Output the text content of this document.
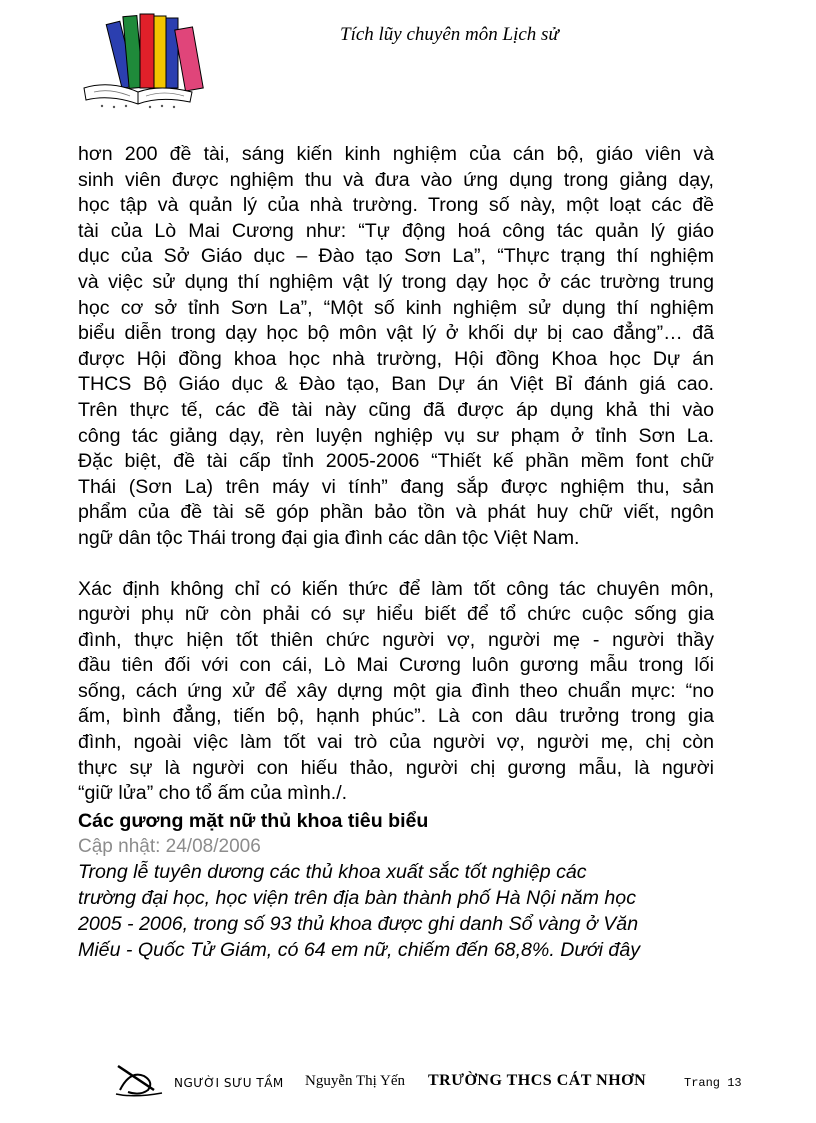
Tích lũy chuyên môn Lịch sử

hơn 200 đề tài, sáng kiến kinh nghiệm của cán bộ, giáo viên và

sinh viên được nghiệm thu và đưa vào ứng dụng trong giảng dạy,

học tập và quản lý của nhà trường. Trong số này, một loạt các đề

tài của Lò Mai Cương như: “Tự động hoá công tác quản lý giáo

dục của Sở Giáo dục – Đào tạo Sơn La”, “Thực trạng thí nghiệm

và việc sử dụng thí nghiệm vật lý trong dạy học ở các trường trung

học cơ sở tỉnh Sơn La”, “Một số kinh nghiệm sử dụng thí nghiệm

biểu diễn trong dạy học bộ môn vật lý ở khối dự bị cao đẳng”… đã

được Hội đồng khoa học nhà trường, Hội đồng Khoa học Dự án

THCS Bộ Giáo dục & Đào tạo, Ban Dự án Việt Bỉ đánh giá cao.

Trên thực tế, các đề tài này cũng đã được áp dụng khả thi vào

công tác giảng dạy, rèn luyện nghiệp vụ sư phạm ở tỉnh Sơn La.

Đặc biệt, đề tài cấp tỉnh 2005-2006 “Thiết kế phần mềm font chữ

Thái (Sơn La) trên máy vi tính” đang sắp được nghiệm thu, sản

phẩm của đề tài sẽ góp phần bảo tồn và phát huy chữ viết, ngôn

ngữ dân tộc Thái trong đại gia đình các dân tộc Việt Nam.

Xác định không chỉ có kiến thức để làm tốt công tác chuyên môn,

người phụ nữ còn phải có sự hiểu biết để tổ chức cuộc sống gia

đình, thực hiện tốt thiên chức người vợ, người mẹ - người thầy

đầu tiên đối với con cái, Lò Mai Cương luôn gương mẫu trong lối

sống, cách ứng xử để xây dựng một gia đình theo chuẩn mực: “no

ấm, bình đẳng, tiến bộ, hạnh phúc”. Là con dâu trưởng trong gia

đình, ngoài việc làm tốt vai trò của người vợ, người mẹ, chị còn

thực sự là người con hiếu thảo, người chị gương mẫu, là người

“giữ lửa” cho tổ ấm của mình./.

Các gương mặt nữ thủ khoa tiêu biểu
Cập nhật: 24/08/2006

Trong lễ tuyên dương các thủ khoa xuất sắc tốt nghiệp các

trường đại học, học viện trên địa bàn thành phố Hà Nội năm học

2005 - 2006, trong số 93 thủ khoa được ghi danh Sổ vàng ở Văn

Miếu - Quốc Tử Giám, có 64 em nữ, chiếm đến 68,8%. Dưới đây

NGƯỜI SƯU TẦM Nguyễn Thị Yến TRƯỜNG THCS CÁT NHƠN	Trang 13
